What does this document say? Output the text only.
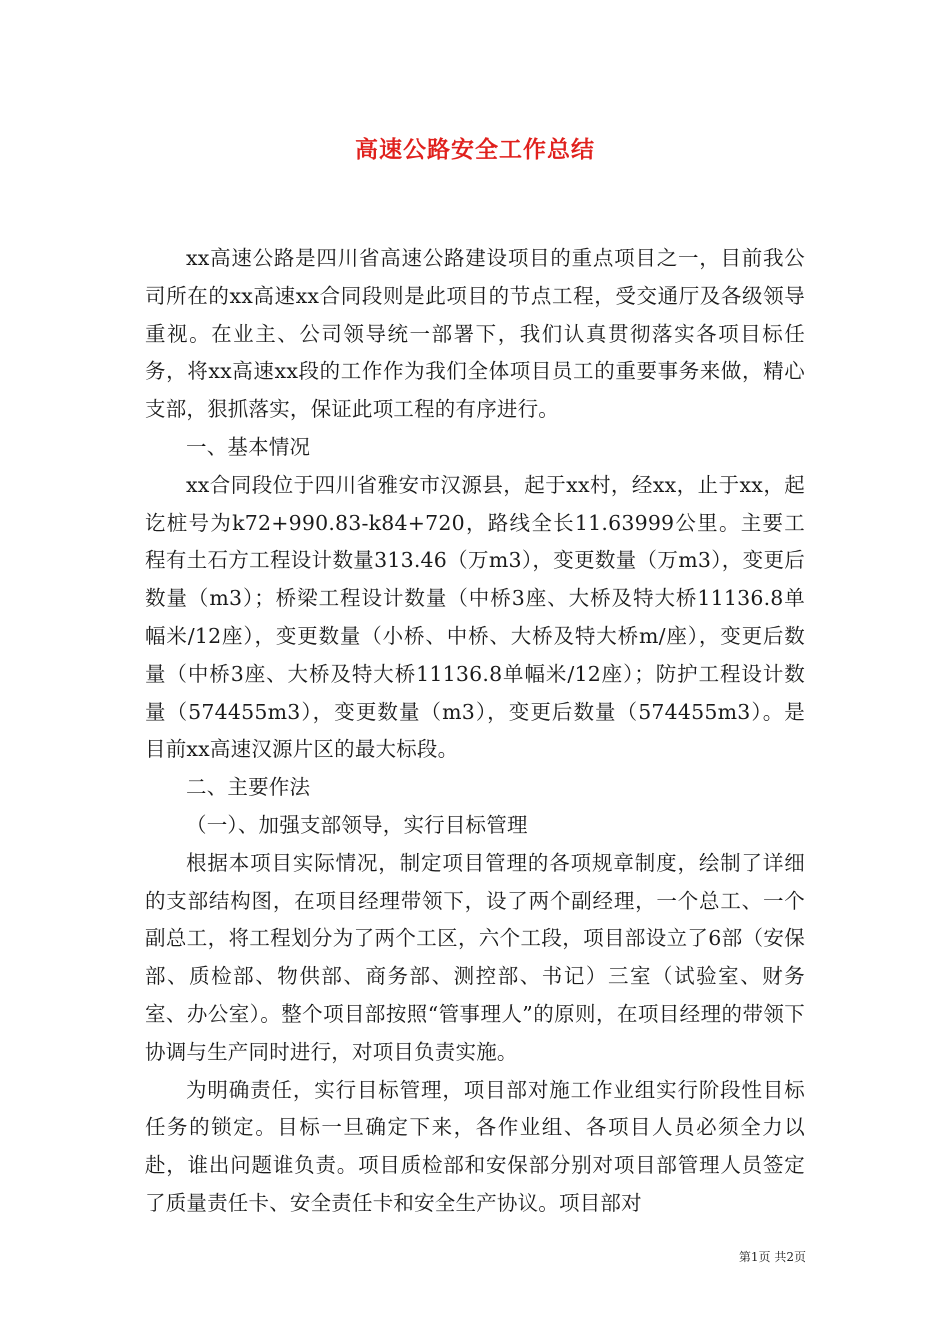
高速公路安全工作总结

xx高速公路是四川省高速公路建设项目的重点项目之一，目前我公司所在的xx高速xx合同段则是此项目的节点工程，受交通厅及各级领导重视。在业主、公司领导统一部署下，我们认真贯彻落实各项目标任务，将xx高速xx段的工作作为我们全体项目员工的重要事务来做，精心支部，狠抓落实，保证此项工程的有序进行。

一、基本情况

xx合同段位于四川省雅安市汉源县，起于xx村，经xx，止于xx，起讫桩号为k72+990.83-k84+720，路线全长11.63999公里。主要工程有土石方工程设计数量313.46（万m3），变更数量（万m3），变更后数量（m3）；桥梁工程设计数量（中桥3座、大桥及特大桥11136.8单幅米/12座），变更数量（小桥、中桥、大桥及特大桥m/座），变更后数量（中桥3座、大桥及特大桥11136.8单幅米/12座）；防护工程设计数量（574455m3），变更数量（m3），变更后数量（574455m3）。是目前xx高速汉源片区的最大标段。

二、主要作法

（一）、加强支部领导，实行目标管理

根据本项目实际情况，制定项目管理的各项规章制度，绘制了详细的支部结构图，在项目经理带领下，设了两个副经理，一个总工、一个副总工，将工程划分为了两个工区，六个工段，项目部设立了6部（安保部、质检部、物供部、商务部、测控部、书记）三室（试验室、财务室、办公室）。整个项目部按照“管事理人”的原则，在项目经理的带领下协调与生产同时进行，对项目负责实施。

为明确责任，实行目标管理，项目部对施工作业组实行阶段性目标任务的锁定。目标一旦确定下来，各作业组、各项目人员必须全力以赴，谁出问题谁负责。项目质检部和安保部分别对项目部管理人员签定了质量责任卡、安全责任卡和安全生产协议。项目部对

第1页 共2页
